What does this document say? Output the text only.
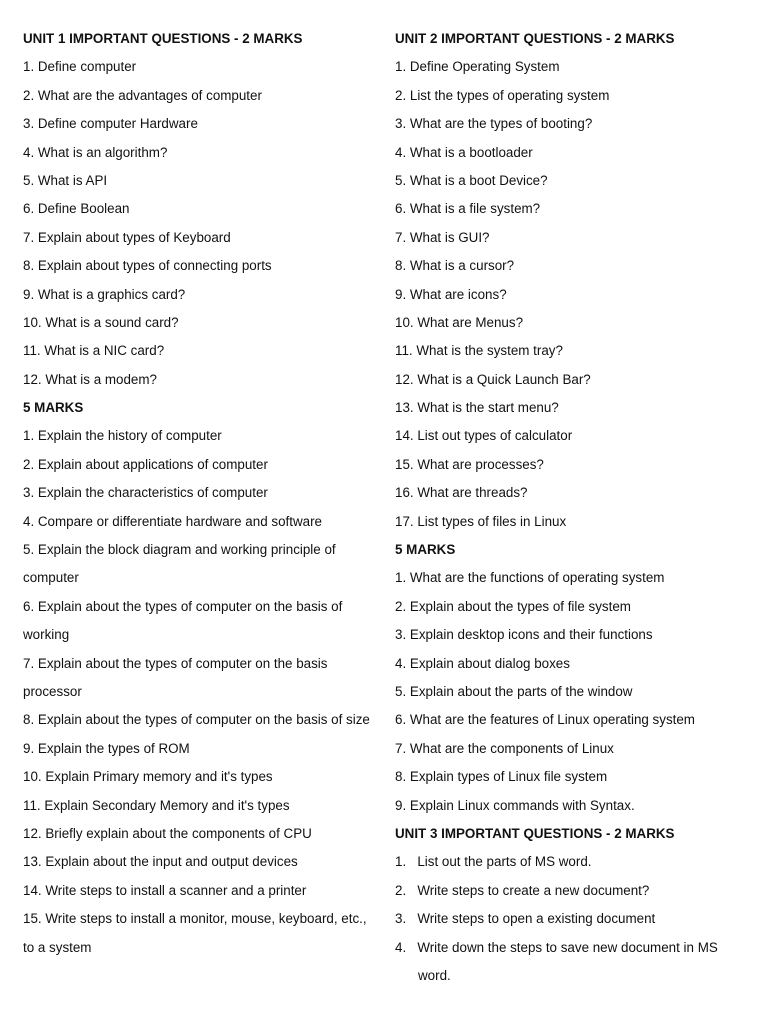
UNIT 1 IMPORTANT QUESTIONS - 2 MARKS
1. Define computer
2. What are the advantages of computer
3. Define computer Hardware
4. What is an algorithm?
5. What is API
6. Define Boolean
7. Explain about types of Keyboard
8. Explain about types of connecting ports
9. What is a graphics card?
10. What is a sound card?
11. What is a NIC card?
12. What is a modem?
5 MARKS
1. Explain the history of computer
2. Explain about applications of computer
3. Explain the characteristics of computer
4. Compare or differentiate hardware and software
5. Explain the block diagram and working principle of
computer
6. Explain about the types of computer on the basis of
working
7. Explain about the types of computer on the basis
processor
8. Explain about the types of computer on the basis of size
9. Explain the types of ROM
10. Explain Primary memory and it's types
11. Explain Secondary Memory and it's types
12. Briefly explain about the components of CPU
13. Explain about the input and output devices
14. Write steps to install a scanner and a printer
15. Write steps to install a monitor, mouse, keyboard, etc.,
to a system
UNIT 2 IMPORTANT QUESTIONS - 2 MARKS
1. Define Operating System
2. List the types of operating system
3. What are the types of booting?
4. What is a bootloader
5. What is a boot Device?
6. What is a file system?
7. What is GUI?
8. What is a cursor?
9. What are icons?
10. What are Menus?
11. What is the system tray?
12. What is a Quick Launch Bar?
13. What is the start menu?
14. List out types of calculator
15. What are processes?
16. What are threads?
17. List types of files in Linux
5 MARKS
1. What are the functions of operating system
2. Explain about the types of file system
3. Explain desktop icons and their functions
4. Explain about dialog boxes
5. Explain about the parts of the window
6. What are the features of Linux operating system
7. What are the components of Linux
8. Explain types of Linux file system
9. Explain Linux commands with Syntax.
UNIT 3 IMPORTANT QUESTIONS - 2 MARKS
1.   List out the parts of MS word.
2.   Write steps to create a new document?
3.   Write steps to open a existing document
4.   Write down the steps to save new document in MS
word.
